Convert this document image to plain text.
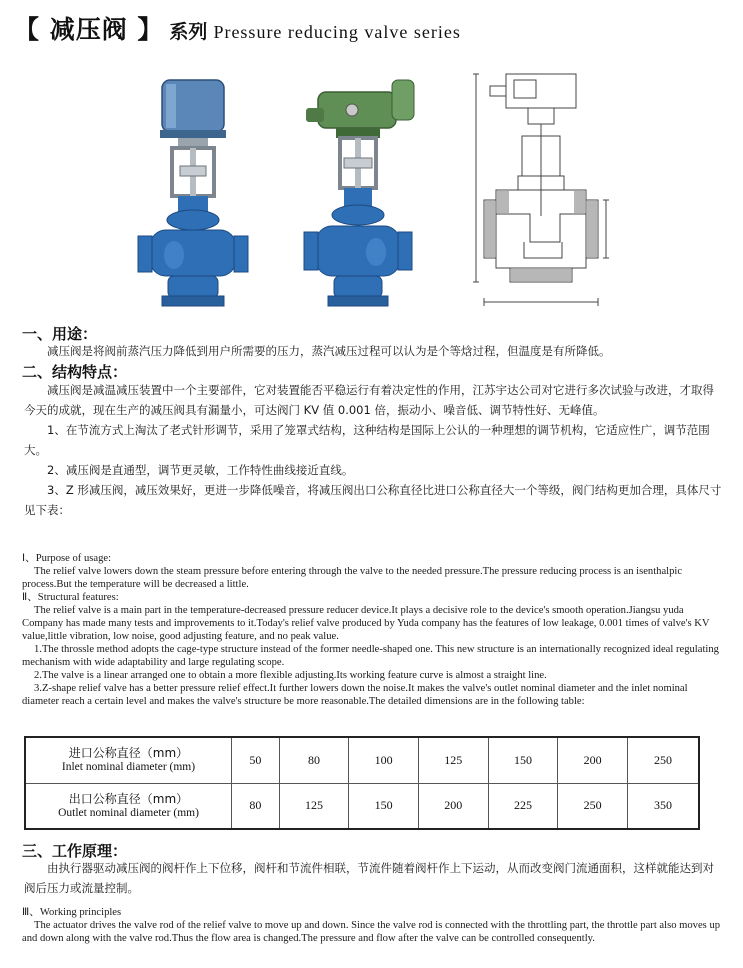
【 减压阀 】 系列 Pressure reducing valve series
一、用途：

减压阀是将阀前蒸汽压力降低到用户所需要的压力，蒸汽减压过程可以认为是个等焓过程，但温度是有所降低。

二、结构特点：

减压阀是减温减压装置中一个主要部件，它对装置能否平稳运行有着决定性的作用，江苏宇达公司对它进行多次试验与改进，才取得今天的成就，现在生产的减压阀具有漏量小，可达阀门 KV 值 0.001 倍，振动小、噪音低、调节特性好、无峰值。

1、在节流方式上淘汰了老式针形调节，采用了笼罩式结构，这种结构是国际上公认的一种理想的调节机构，它适应性广，调节范围大。

2、减压阀是直通型，调节更灵敏，工作特性曲线接近直线。

3、Z 形减压阀，减压效果好，更进一步降低噪音，将减压阀出口公称直径比进口公称直径大一个等级，阀门结构更加合理，具体尺寸见下表：

Ⅰ、Purpose of usage:

The relief valve lowers down the steam pressure before entering through the valve to the needed pressure.The pressure reducing process is an isenthalpic process.But the temperature will be decreased a little.

Ⅱ、Structural features:

The relief valve is a main part in the temperature-decreased pressure reducer device.It plays a decisive role to the device's smooth operation.Jiangsu yuda Company has made many tests and improvements to it.Today's relief valve produced by Yuda company has the features of low leakage, 0.001 times of valve's KV value,little vibration, low noise, good adjusting feature, and no peak value.

1.The throssle method adopts the cage-type structure instead of the former needle-shaped one. This new structure is an internationally recognized ideal regulating mechanism with wide adaptability and large regulating scope.

2.The valve is a linear arranged one to obtain a more flexible adjusting.Its working feature curve is almost a straight line.

3.Z-shape relief valve has a better pressure relief effect.It further lowers down the noise.It makes the valve's outlet nominal diameter and the inlet nominal diameter reach a certain level and makes the valve's structure be more reasonable.The detailed dimensions are in the following table:

进口公称直径（mm）
Inlet nominal diameter (mm)	50	80	100	125	150	200	250

出口公称直径（mm）
Outlet nominal diameter (mm)	80	125	150	200	225	250	350
三、工作原理：

由执行器驱动减压阀的阀杆作上下位移，阀杆和节流件相联，节流件随着阀杆作上下运动，从而改变阀门流通面积，这样就能达到对阀后压力或流量控制。

Ⅲ、Working principles

The actuator drives the valve rod of the relief valve to move up and down. Since the valve rod is connected with the throttling part, the throttle part also moves up and down along with the valve rod.Thus the flow area is changed.The pressure and flow after the valve can be controlled consequently.
